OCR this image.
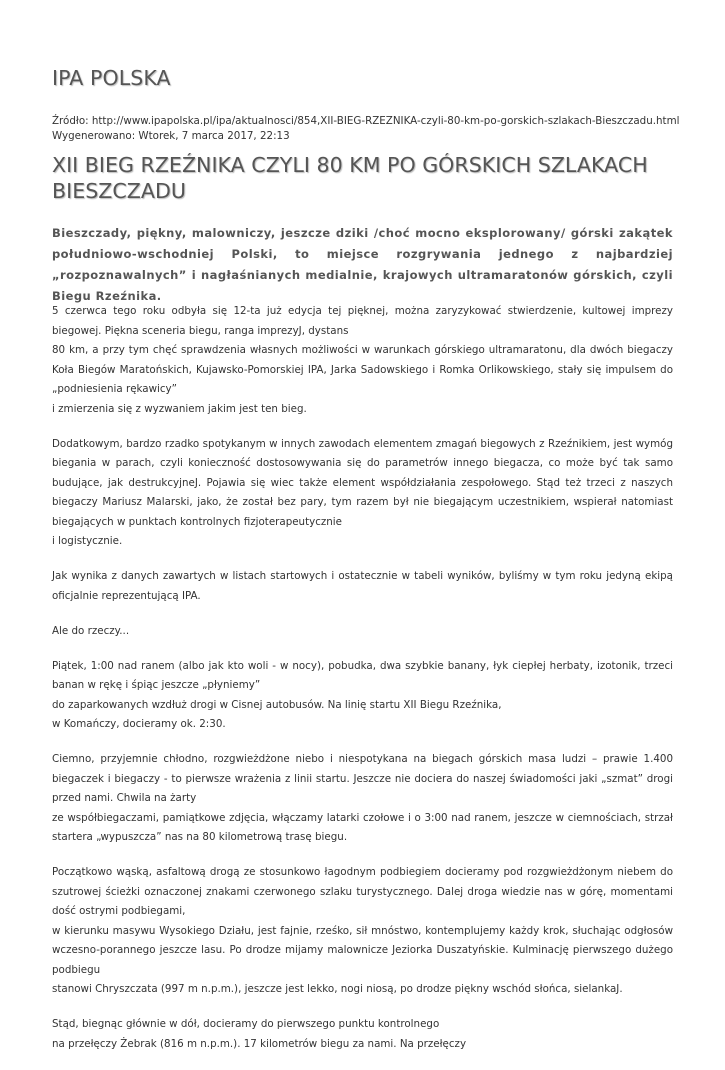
IPA POLSKA
Źródło: http://www.ipapolska.pl/ipa/aktualnosci/854,XII-BIEG-RZEZNIKA-czyli-80-km-po-gorskich-szlakach-Bieszczadu.html
Wygenerowano: Wtorek, 7 marca 2017, 22:13
XII BIEG RZEŹNIKA CZYLI 80 KM PO GÓRSKICH SZLAKACH BIESZCZADU

Bieszczady, piękny, malowniczy, jeszcze dziki /choć mocno eksplorowany/ górski zakątek południowo-wschodniej Polski, to miejsce rozgrywania jednego z najbardziej „rozpoznawalnych” i nagłaśnianych medialnie, krajowych ultramaratonów górskich, czyli Biegu Rzeźnika.

5 czerwca tego roku odbyła się 12-ta już edycja tej pięknej, można zaryzykować stwierdzenie, kultowej imprezy biegowej. Piękna sceneria biegu, ranga imprezyJ, dystans
80 km, a przy tym chęć sprawdzenia własnych możliwości w warunkach górskiego ultramaratonu, dla dwóch biegaczy Koła Biegów Maratońskich, Kujawsko-Pomorskiej IPA, Jarka Sadowskiego i Romka Orlikowskiego, stały się impulsem do „podniesienia rękawicy”
i zmierzenia się z wyzwaniem jakim jest ten bieg.

Dodatkowym, bardzo rzadko spotykanym w innych zawodach elementem zmagań biegowych z Rzeźnikiem, jest wymóg biegania w parach, czyli konieczność dostosowywania się do parametrów innego biegacza, co może być tak samo budujące, jak destrukcyjneJ. Pojawia się wiec także element współdziałania zespołowego. Stąd też trzeci z naszych biegaczy Mariusz Malarski, jako, że został bez pary, tym razem był nie biegającym uczestnikiem, wspierał natomiast biegających w punktach kontrolnych fizjoterapeutycznie
i logistycznie.

Jak wynika z danych zawartych w listach startowych i ostatecznie w tabeli wyników, byliśmy w tym roku jedyną ekipą oficjalnie reprezentującą IPA.

Ale do rzeczy...

Piątek, 1:00 nad ranem (albo jak kto woli - w nocy), pobudka, dwa szybkie banany, łyk ciepłej herbaty, izotonik, trzeci banan w rękę i śpiąc jeszcze „płyniemy”
do zaparkowanych wzdłuż drogi w Cisnej autobusów. Na linię startu XII Biegu Rzeźnika,
w Komańczy, docieramy ok. 2:30.

Ciemno, przyjemnie chłodno, rozgwieżdżone niebo i niespotykana na biegach górskich masa ludzi – prawie 1.400 biegaczek i biegaczy - to pierwsze wrażenia z linii startu. Jeszcze nie dociera do naszej świadomości jaki „szmat” drogi przed nami. Chwila na żarty
ze współbiegaczami, pamiątkowe zdjęcia, włączamy latarki czołowe i o 3:00 nad ranem, jeszcze w ciemnościach, strzał startera „wypuszcza” nas na 80 kilometrową trasę biegu.

Początkowo wąską, asfaltową drogą ze stosunkowo łagodnym podbiegiem docieramy pod rozgwieżdżonym niebem do szutrowej ścieżki oznaczonej znakami czerwonego szlaku turystycznego. Dalej droga wiedzie nas w górę, momentami dość ostrymi podbiegami,
w kierunku masywu Wysokiego Działu, jest fajnie, rześko, sił mnóstwo, kontemplujemy każdy krok, słuchając odgłosów wczesno-porannego jeszcze lasu. Po drodze mijamy malownicze Jeziorka Duszatyńskie. Kulminację pierwszego dużego podbiegu
stanowi Chryszczata (997 m n.p.m.), jeszcze jest lekko, nogi niosą, po drodze piękny wschód słońca, sielankaJ.

Stąd, biegnąc głównie w dół, docieramy do pierwszego punktu kontrolnego
na przełęczy Żebrak (816 m n.p.m.). 17 kilometrów biegu za nami. Na przełęczy
